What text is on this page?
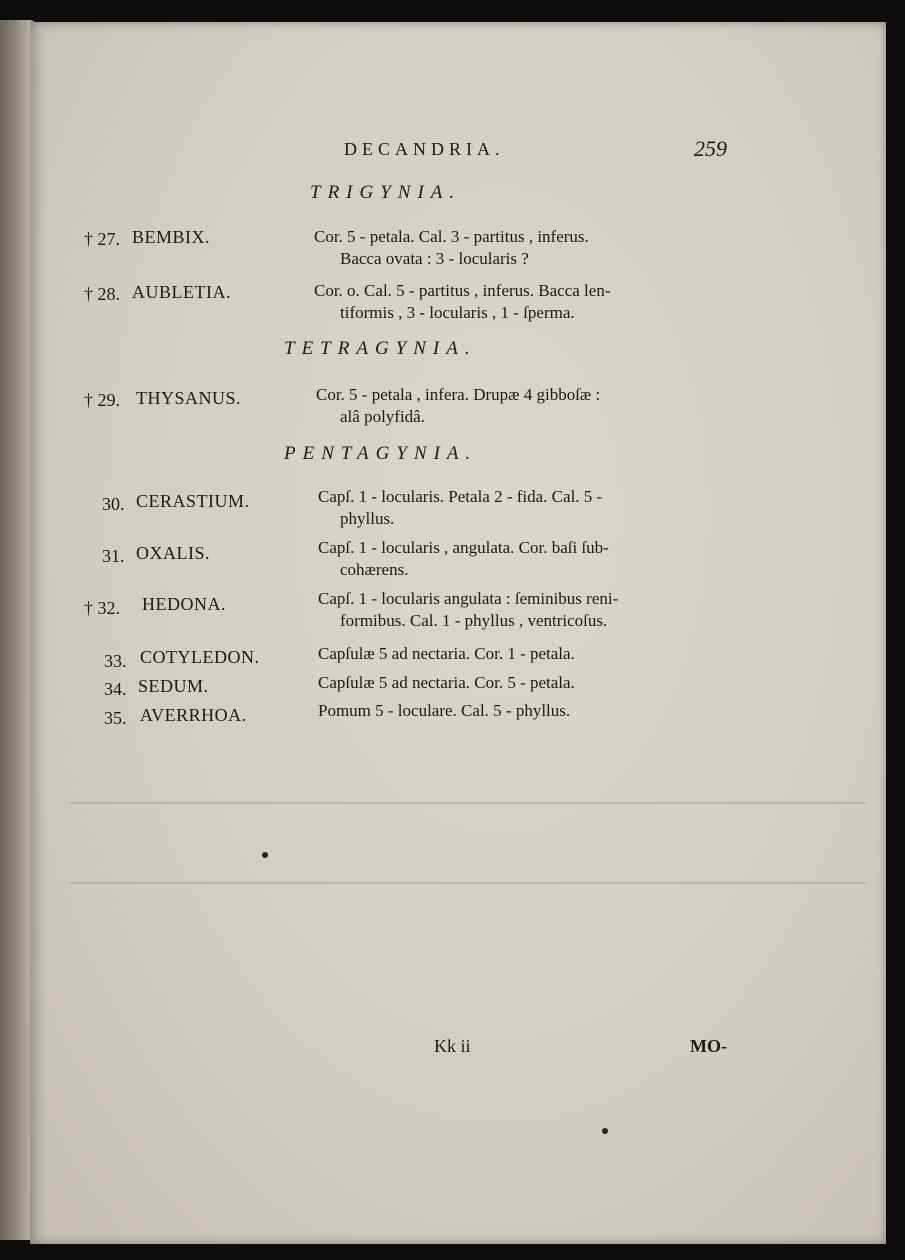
DECANDRIA.	259
TRIGYNIA.
† 27. BEMBIX.	Cor. 5 - petala. Cal. 3 - partitus , inferus.
Bacca ovata : 3 - locularis ?
† 28. AUBLETIA.	Cor. o. Cal. 5 - partitus , inferus. Bacca len-
tiformis , 3 - locularis , 1 - ſperma.
TETRAGYNIA.
† 29. THYSANUS.	Cor. 5 - petala , infera. Drupæ 4 gibboſæ :
alâ polyfidâ.
PENTAGYNIA.
30. CERASTIUM.	Capſ. 1 - locularis. Petala 2 - fida. Cal. 5 -
phyllus.
31. OXALIS.	Capſ. 1 - locularis , angulata. Cor. baſi ſub-
cohærens.
† 32. HEDONA.	Capſ. 1 - locularis angulata : ſeminibus reni-
formibus. Cal. 1 - phyllus , ventricoſus.
33. COTYLEDON.	Capſulæ 5 ad nectaria. Cor. 1 - petala.
34. SEDUM.	Capſulæ 5 ad nectaria. Cor. 5 - petala.
35. AVERRHOA.	Pomum 5 - loculare. Cal. 5 - phyllus.
Kk ii	MO-
